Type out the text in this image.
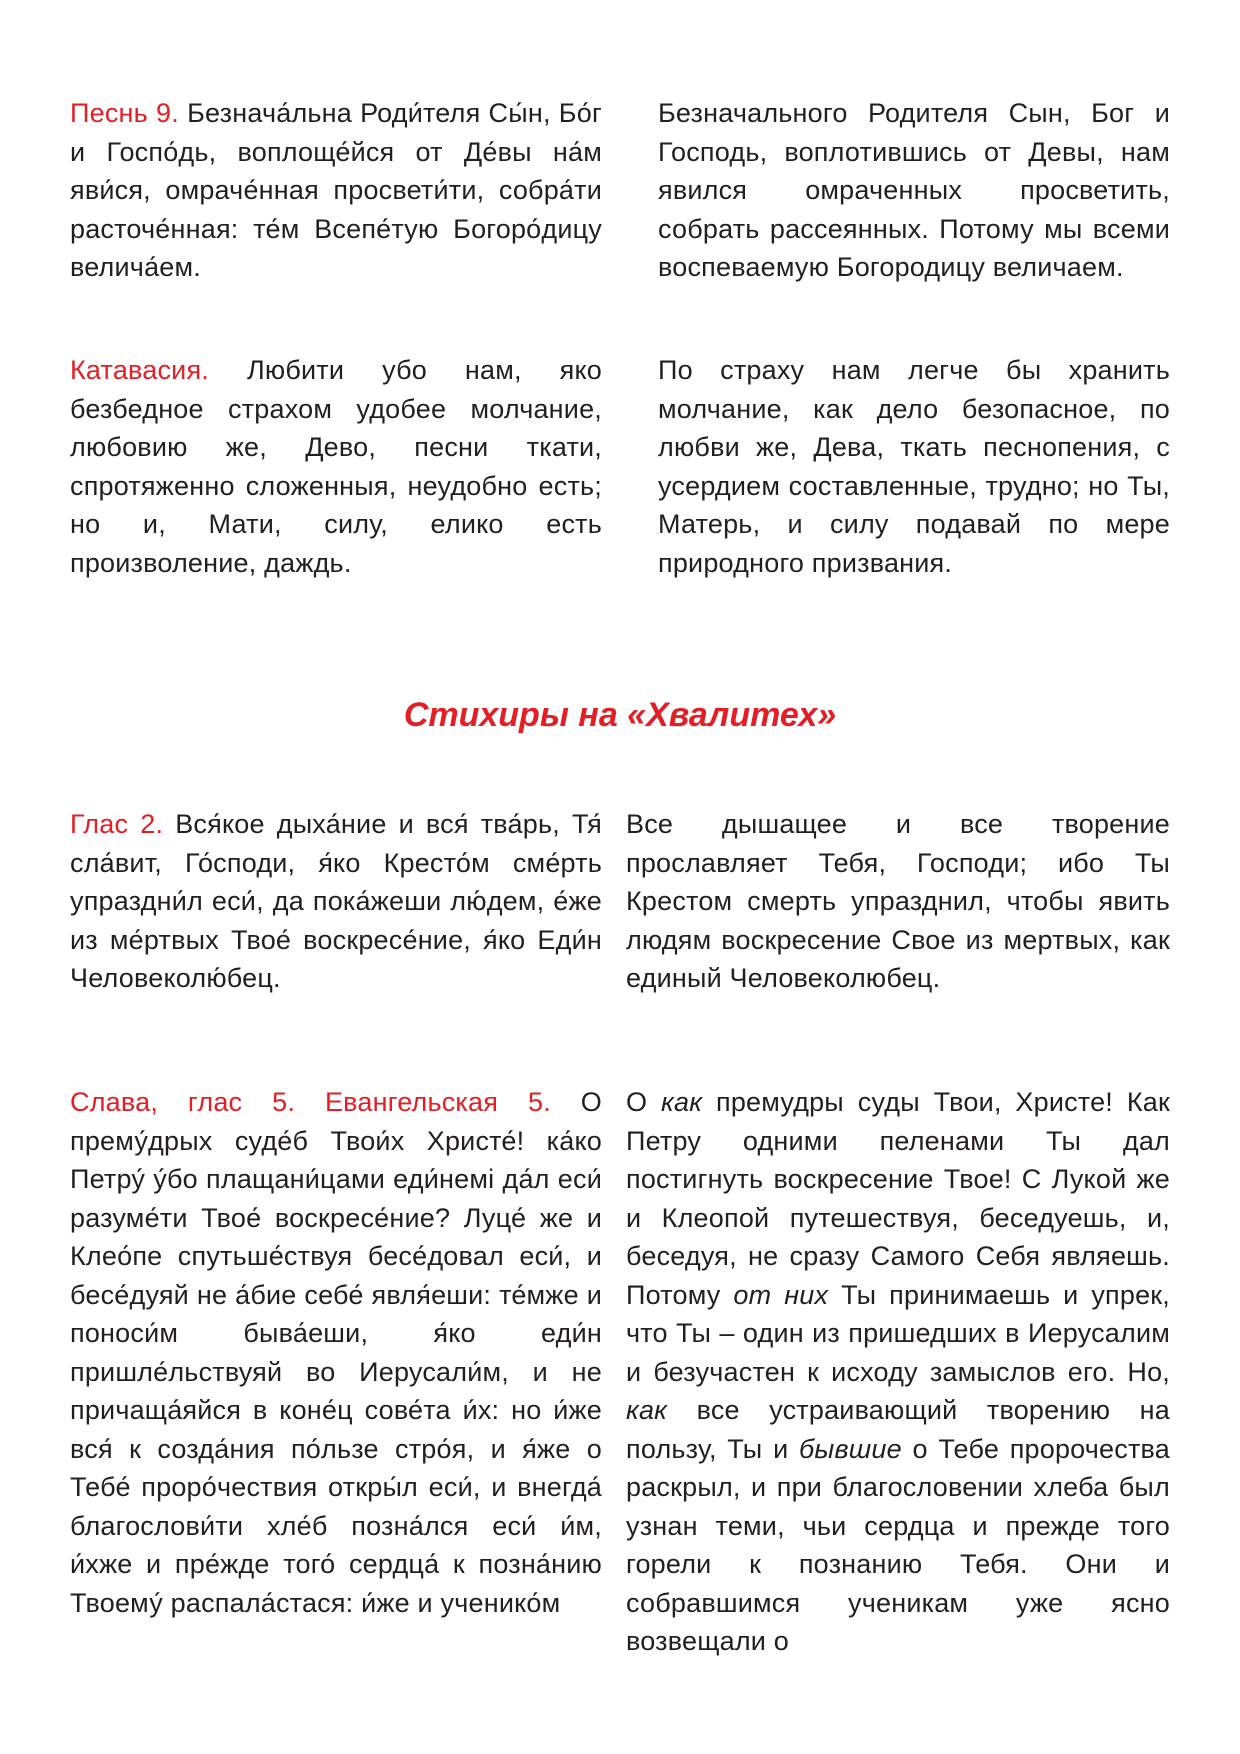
Песнь 9. Безнача́льна Роди́теля Сы́н, Бо́г и Госпо́дь, воплоще́йся от Де́вы на́м яви́ся, омраче́нная просвети́ти, собра́ти расточе́нная: те́м Всепе́тую Богоро́дицу велича́ем.
Безначального Родителя Сын, Бог и Господь, воплотившись от Девы, нам явился омраченных просветить, собрать рассеянных. Потому мы всеми воспеваемую Богородицу величаем.
Катавасия. Любити убо нам, яко безбедное страхом удобее молчание, любовию же, Дево, песни ткати, спротяженно сложенныя, неудобно есть; но и, Мати, силу, елико есть произволение, даждь.
По страху нам легче бы хранить молчание, как дело безопасное, по любви же, Дева, ткать песнопения, с усердием составленные, трудно; но Ты, Матерь, и силу подавай по мере природного призвания.
Стихиры на «Хвалитех»
Глас 2. Вся́кое дыха́ние и вся́ тва́рь, Тя́ сла́вит, Го́споди, я́ко Кресто́м сме́рть упраздни́л еси́, да пока́жеши лю́дем, е́же из ме́ртвых Твое́ воскресе́ние, я́ко Еди́н Человеколю́бец.
Все дышащее и все творение прославляет Тебя, Господи; ибо Ты Крестом смерть упразднил, чтобы явить людям воскресение Свое из мертвых, как единый Человеколюбец.
Слава, глас 5. Евангельская 5. О прему́дрых суде́б Твои́х Христе́! ка́ко Петру́ у́бо плащани́цами еди́немі да́л еси́ разуме́ти Твое́ воскресе́ние? Луце́ же и Клео́пе спутьше́ствуя бесе́довал еси́, и бесе́дуяй не а́бие себе́ явля́еши: те́мже и поноси́м быва́еши, я́ко еди́н пришле́льствуяй во Иерусали́м, и не причаща́яйся в коне́ц сове́та и́х: но и́же вся́ к созда́ния по́льзе стро́я, и я́же о Тебе́ проро́чествия откры́л еси́, и внегда́ благослови́ти хле́б позна́лся еси́ и́м, и́хже и пре́жде того́ сердца́ к позна́нию Твоему́ распала́стася: и́же и ученико́м
О как премудры суды Твои, Христе! Как Петру одними пеленами Ты дал постигнуть воскресение Твое! С Лукой же и Клеопой путешествуя, беседуешь, и, беседуя, не сразу Самого Себя являешь. Потому от них Ты принимаешь и упрек, что Ты – один из пришедших в Иерусалим и безучастен к исходу замыслов его. Но, как все устраивающий творению на пользу, Ты и бывшие о Тебе пророчества раскрыл, и при благословении хлеба был узнан теми, чьи сердца и прежде того горели к познанию Тебя. Они и собравшимся ученикам уже ясно возвещали о
